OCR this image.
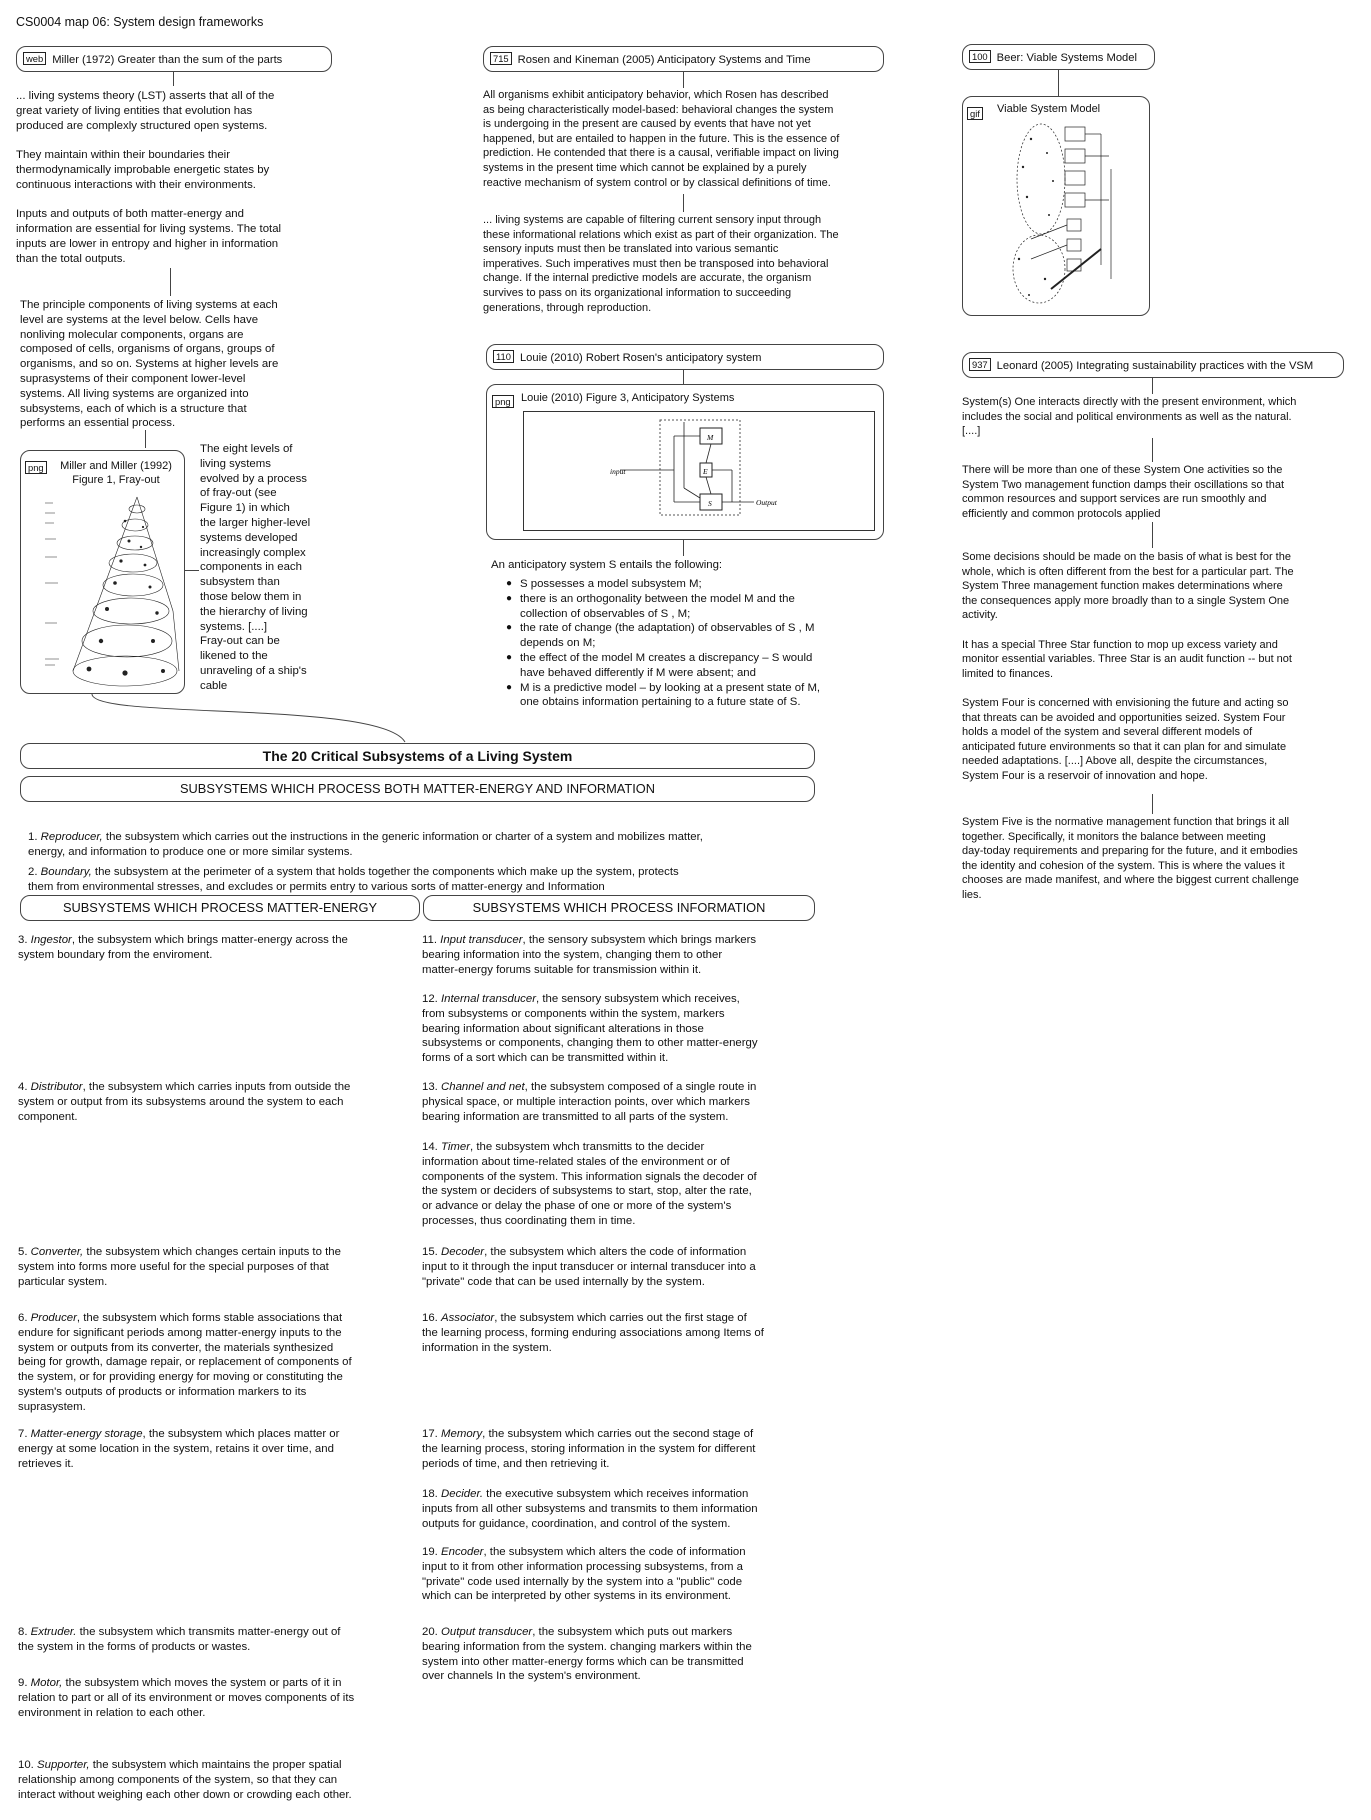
CS0004 map 06: System design frameworks
web Miller (1972) Greater than the sum of the parts
... living systems theory (LST) asserts that all of the
great variety of living entities that evolution has
produced are complexly structured open systems.

They maintain within their boundaries their
thermodynamically improbable energetic states by
continuous interactions with their environments.

Inputs and outputs of both matter-energy and
information are essential for living systems. The total
inputs are lower in entropy and higher in information
than the total outputs.
The principle components of living systems at each
level are systems at the level below. Cells have
nonliving molecular components, organs are
composed of cells, organisms of organs, groups of
organisms, and so on. Systems at higher levels are
suprasystems of their component lower-level
systems. All living systems are organized into
subsystems, each of which is a structure that
performs an essential process.
png	Miller and Miller (1992)
Figure 1, Fray-out
The eight levels of
living systems
evolved by a process
of fray-out (see
Figure 1) in which
the larger higher-level
systems developed
increasingly complex
components in each
subsystem than
those below them in
the hierarchy of living
systems. [....]
Fray-out can be
likened to the
unraveling of a ship's
cable
715 Rosen and Kineman (2005) Anticipatory Systems and Time
All organisms exhibit anticipatory behavior, which Rosen has described
as being characteristically model-based: behavioral changes the system
is undergoing in the present are caused by events that have not yet
happened, but are entailed to happen in the future. This is the essence of
prediction. He contended that there is a causal, verifiable impact on living
systems in the present time which cannot be explained by a purely
reactive mechanism of system control or by classical definitions of time.
... living systems are capable of filtering current sensory input through
these informational relations which exist as part of their organization. The
sensory inputs must then be translated into various semantic
imperatives. Such imperatives must then be transposed into behavioral
change. If the internal predictive models are accurate, the organism
survives to pass on its organizational information to succeeding
generations, through reproduction.
110 Louie (2010) Robert Rosen's anticipatory system
png Louie (2010) Figure 3, Anticipatory Systems
input
Output
M
E
S
An anticipatory system S entails the following:
● S possesses a model subsystem M;
● there is an orthogonality between the model M and the
collection of observables of S , M;
● the rate of change (the adaptation) of observables of S , M
depends on M;
● the effect of the model M creates a discrepancy – S would
have behaved differently if M were absent; and
● M is a predictive model – by looking at a present state of M,
one obtains information pertaining to a future state of S.
100 Beer: Viable Systems Model
gif Viable System Model
937 Leonard (2005) Integrating sustainability practices with the VSM
System(s) One interacts directly with the present environment, which
includes the social and political environments as well as the natural.
[....]
There will be more than one of these System One activities so the
System Two management function damps their oscillations so that
common resources and support services are run smoothly and
efficiently and common protocols applied
Some decisions should be made on the basis of what is best for the
whole, which is often different from the best for a particular part. The
System Three management function makes determinations where
the consequences apply more broadly than to a single System One
activity.

It has a special Three Star function to mop up excess variety and
monitor essential variables. Three Star is an audit function -- but not
limited to finances.

System Four is concerned with envisioning the future and acting so
that threats can be avoided and opportunities seized. System Four
holds a model of the system and several different models of
anticipated future environments so that it can plan for and simulate
needed adaptations. [....] Above all, despite the circumstances,
System Four is a reservoir of innovation and hope.
System Five is the normative management function that brings it all
together. Specifically, it monitors the balance between meeting
day-today requirements and preparing for the future, and it embodies
the identity and cohesion of the system. This is where the values it
chooses are made manifest, and where the biggest current challenge
lies.
The 20 Critical Subsystems of a Living System
SUBSYSTEMS WHICH PROCESS BOTH MATTER-ENERGY AND INFORMATION

1. Reproducer, the subsystem which carries out the instructions in the generic information or charter of a system and mobilizes matter,
energy, and information to produce one or more similar systems.

2. Boundary, the subsystem at the perimeter of a system that holds together the components which make up the system, protects
them from environmental stresses, and excludes or permits entry to various sorts of matter-energy and Information

SUBSYSTEMS WHICH PROCESS MATTER-ENERGY	SUBSYSTEMS WHICH PROCESS INFORMATION
3. Ingestor, the subsystem which brings matter-energy across the
system boundary from the enviroment.
4. Distributor, the subsystem which carries inputs from outside the
system or output from its subsystems around the system to each
component.
5. Converter, the subsystem which changes certain inputs to the
system into forms more useful for the special purposes of that
particular system.
6. Producer, the subsystem which forms stable associations that
endure for significant periods among matter-energy inputs to the
system or outputs from its converter, the materials synthesized
being for growth, damage repair, or replacement of components of
the system, or for providing energy for moving or constituting the
system's outputs of products or information markers to its
suprasystem.
7. Matter-energy storage, the subsystem which places matter or
energy at some location in the system, retains it over time, and
retrieves it.
8. Extruder. the subsystem which transmits matter-energy out of
the system in the forms of products or wastes.
9. Motor, the subsystem which moves the system or parts of it in
relation to part or all of its environment or moves components of its
environment in relation to each other.
10. Supporter, the subsystem which maintains the proper spatial
relationship among components of the system, so that they can
interact without weighing each other down or crowding each other.
11. Input transducer, the sensory subsystem which brings markers
bearing information into the system, changing them to other
matter-energy forums suitable for transmission within it.
12. Internal transducer, the sensory subsystem which receives,
from subsystems or components within the system, markers
bearing information about significant alterations in those
subsystems or components, changing them to other matter-energy
forms of a sort which can be transmitted within it.
13. Channel and net, the subsystem composed of a single route in
physical space, or multiple interaction points, over which markers
bearing information are transmitted to all parts of the system.
14. Timer, the subsystem whch transmitts to the decider
information about time-related stales of the environment or of
components of the system. This information signals the decoder of
the system or deciders of subsystems to start, stop, alter the rate,
or advance or delay the phase of one or more of the system's
processes, thus coordinating them in time.
15. Decoder, the subsystem which alters the code of information
input to it through the input transducer or internal transducer into a
"private" code that can be used internally by the system.
16. Associator, the subsystem which carries out the first stage of
the learning process, forming enduring associations among Items of
information in the system.
17. Memory, the subsystem which carries out the second stage of
the learning process, storing information in the system for different
periods of time, and then retrieving it.
18. Decider. the executive subsystem which receives information
inputs from all other subsystems and transmits to them information
outputs for guidance, coordination, and control of the system.
19. Encoder, the subsystem which alters the code of information
input to it from other information processing subsystems, from a
"private" code used internally by the system into a "public" code
which can be interpreted by other systems in its environment.
20. Output transducer, the subsystem which puts out markers
bearing information from the system. changing markers within the
system into other matter-energy forms which can be transmitted
over channels In the system's environment.
